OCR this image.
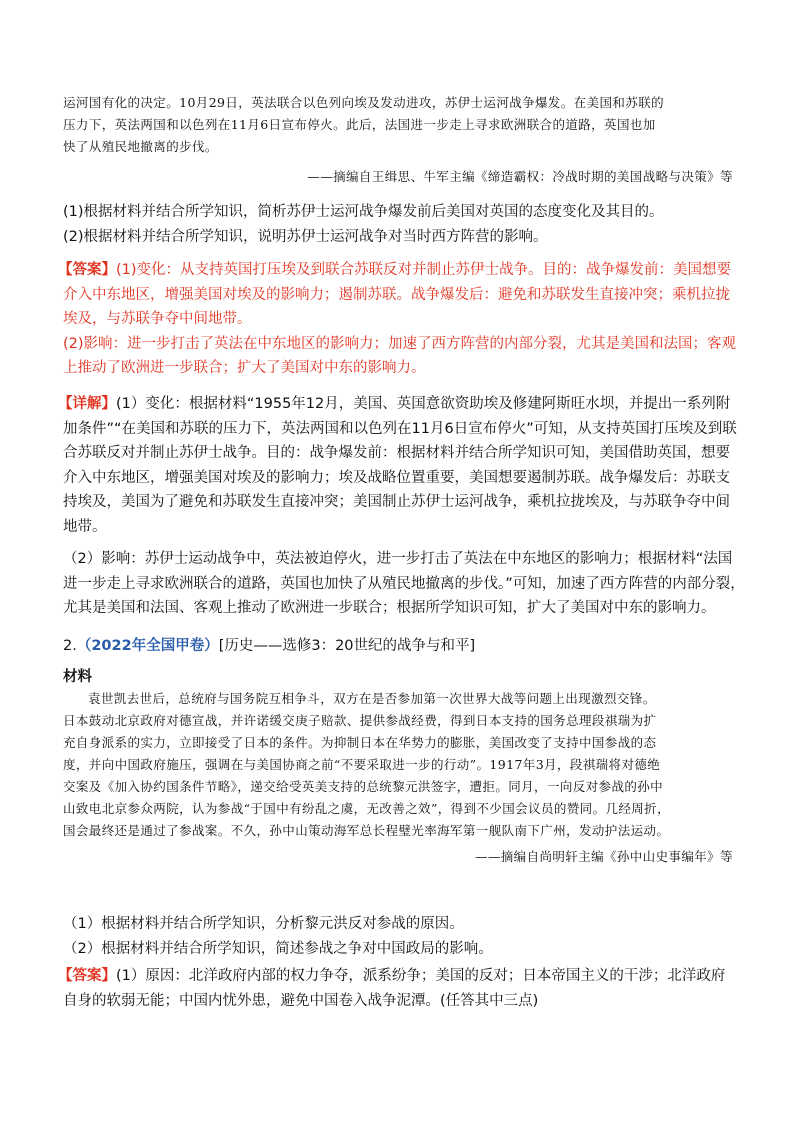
运河国有化的决定。10月29日，英法联合以色列向埃及发动进攻，苏伊士运河战争爆发。在美国和苏联的

压力下，英法两国和以色列在11月6日宣布停火。此后，法国进一步走上寻求欧洲联合的道路，英国也加

快了从殖民地撤离的步伐。

——摘编自王缉思、牛军主编《缔造霸权：冷战时期的美国战略与决策》等

(1)根据材料并结合所学知识，简析苏伊士运河战争爆发前后美国对英国的态度变化及其目的。

(2)根据材料并结合所学知识，说明苏伊士运河战争对当时西方阵营的影响。

【答案】(1)变化：从支持英国打压埃及到联合苏联反对并制止苏伊士战争。目的：战争爆发前：美国想要

介入中东地区，增强美国对埃及的影响力；遏制苏联。战争爆发后：避免和苏联发生直接冲突；乘机拉拢

埃及，与苏联争夺中间地带。

(2)影响：进一步打击了英法在中东地区的影响力；加速了西方阵营的内部分裂，尤其是美国和法国；客观

上推动了欧洲进一步联合；扩大了美国对中东的影响力。

【详解】(1）变化：根据材料“1955年12月，美国、英国意欲资助埃及修建阿斯旺水坝，并提出一系列附

加条件”“在美国和苏联的压力下，英法两国和以色列在11月6日宣布停火”可知，从支持英国打压埃及到联

合苏联反对并制止苏伊士战争。目的：战争爆发前：根据材料并结合所学知识可知，美国借助英国，想要

介入中东地区，增强美国对埃及的影响力；埃及战略位置重要，美国想要遏制苏联。战争爆发后：苏联支

持埃及，美国为了避免和苏联发生直接冲突；美国制止苏伊士运河战争，乘机拉拢埃及，与苏联争夺中间

地带。

（2）影响：苏伊士运动战争中，英法被迫停火，进一步打击了英法在中东地区的影响力；根据材料“法国

进一步走上寻求欧洲联合的道路，英国也加快了从殖民地撤离的步伐。”可知，加速了西方阵营的内部分裂，

尤其是美国和法国、客观上推动了欧洲进一步联合；根据所学知识可知，扩大了美国对中东的影响力。

2.（2022年全国甲卷）[历史——选修3：20世纪的战争与和平]

材料

袁世凯去世后，总统府与国务院互相争斗，双方在是否参加第一次世界大战等问题上出现激烈交锋。

日本鼓动北京政府对德宣战，并许诺缓交庚子赔款、提供参战经费，得到日本支持的国务总理段祺瑞为扩

充自身派系的实力，立即接受了日本的条件。为抑制日本在华势力的膨胀，美国改变了支持中国参战的态

度，并向中国政府施压，强调在与美国协商之前“不要采取进一步的行动”。1917年3月，段祺瑞将对德绝

交案及《加入协约国条件节略》，递交给受英美支持的总统黎元洪签字，遭拒。同月，一向反对参战的孙中

山致电北京参众两院，认为参战“于国中有纷乱之虞，无改善之效”，得到不少国会议员的赞同。几经周折，

国会最终还是通过了参战案。不久，孙中山策动海军总长程璧光率海军第一舰队南下广州，发动护法运动。

——摘编自尚明轩主编《孙中山史事编年》等

（1）根据材料并结合所学知识，分析黎元洪反对参战的原因。

（2）根据材料并结合所学知识，简述参战之争对中国政局的影响。

【答案】(1）原因：北洋政府内部的权力争夺，派系纷争；美国的反对；日本帝国主义的干涉；北洋政府

自身的软弱无能；中国内忧外患，避免中国卷入战争泥潭。(任答其中三点)
